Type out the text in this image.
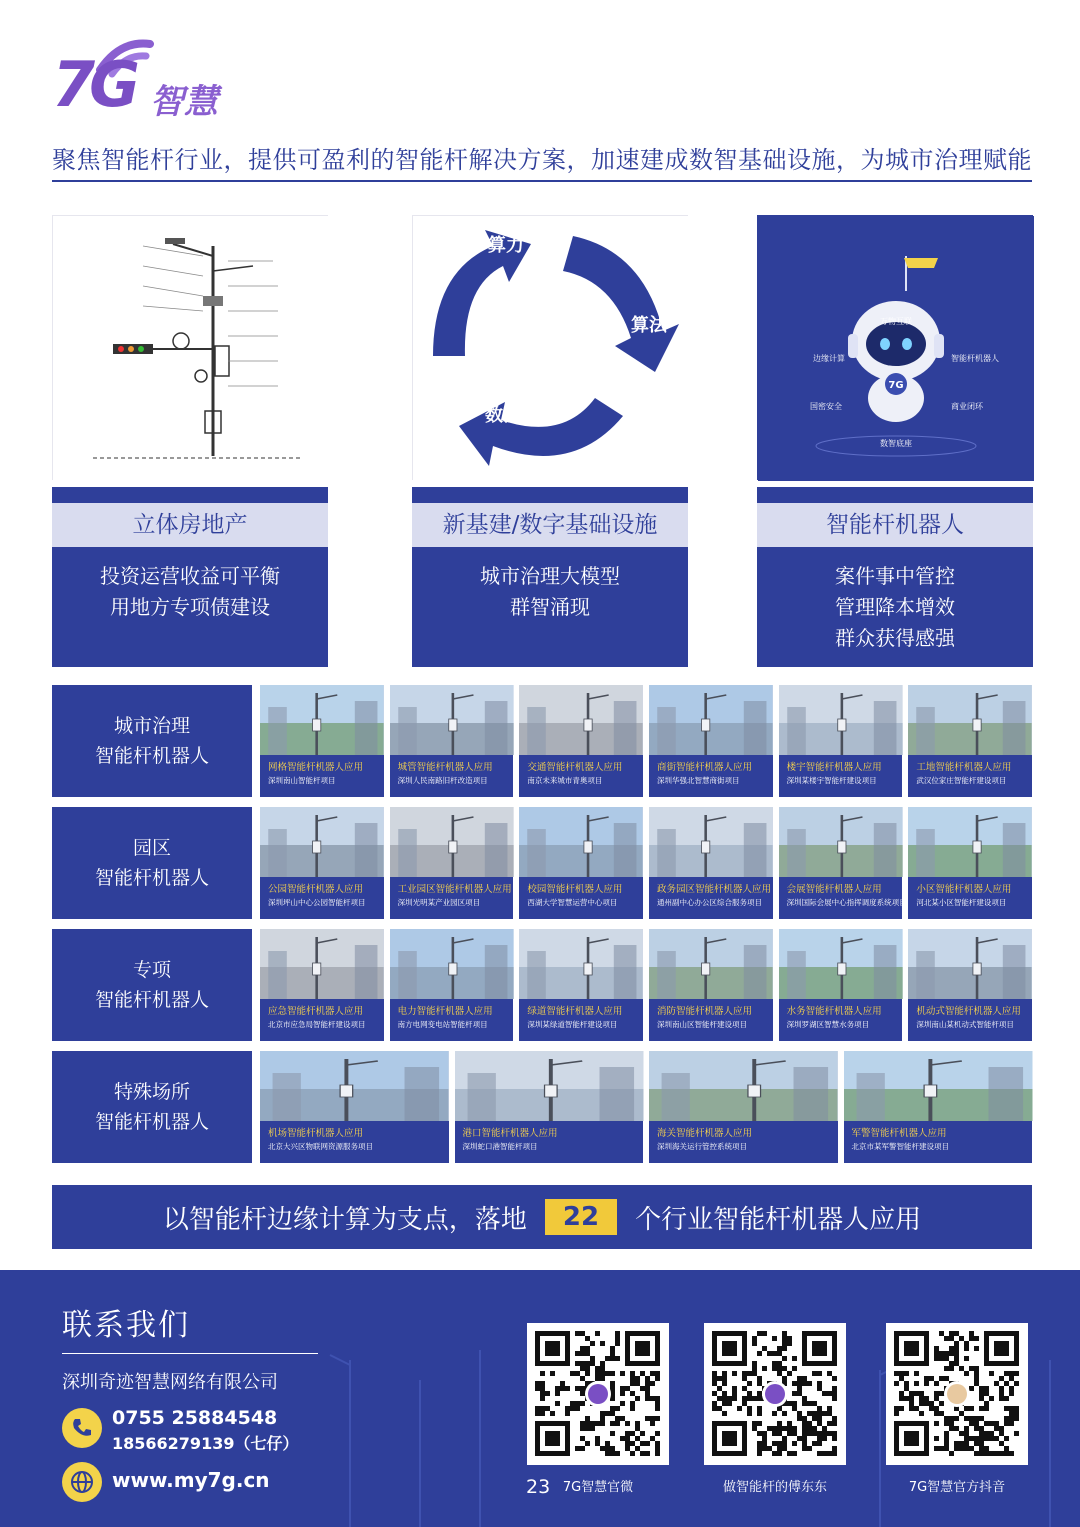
7G 智慧
聚焦智能杆行业，提供可盈利的智能杆解决方案，加速建成数智基础设施，为城市治理赋能
立体房地产
投资运营收益可平衡
用地方专项债建设
算力
算法
数据
新基建/数字基础设施
城市治理大模型
群智涌现
7G
万物互联
边缘计算	智能杆机器人
国密安全	商业闭环
数智底座
智能杆机器人
案件事中管控
管理降本增效
群众获得感强
城市治理
智能杆机器人
网格智能杆机器人应用
深圳南山智能杆项目
城管智能杆机器人应用
深圳人民南路旧杆改造项目
交通智能杆机器人应用
南京未来城市青奥项目
商街智能杆机器人应用
深圳华强北智慧商街项目
楼宇智能杆机器人应用
深圳某楼宇智能杆建设项目
工地智能杆机器人应用
武汉位家庄智能杆建设项目
园区
智能杆机器人
公园智能杆机器人应用
深圳坪山中心公园智能杆项目
工业园区智能杆机器人应用
深圳光明某产业园区项目
校园智能杆机器人应用
西湖大学智慧运营中心项目
政务园区智能杆机器人应用
通州副中心办公区综合服务项目
会展智能杆机器人应用
深圳国际会展中心指挥调度系统项目
小区智能杆机器人应用
河北某小区智能杆建设项目
专项
智能杆机器人
应急智能杆机器人应用
北京市应急局智能杆建设项目
电力智能杆机器人应用
南方电网变电站智能杆项目
绿道智能杆机器人应用
深圳某绿道智能杆建设项目
消防智能杆机器人应用
深圳南山区智能杆建设项目
水务智能杆机器人应用
深圳罗湖区智慧水务项目
机动式智能杆机器人应用
深圳南山某机动式智能杆项目
特殊场所
智能杆机器人
机场智能杆机器人应用
北京大兴区物联网资源服务项目
港口智能杆机器人应用
深圳蛇口港智能杆项目
海关智能杆机器人应用
深圳海关运行管控系统项目
军警智能杆机器人应用
北京市某军警智能杆建设项目
以智能杆边缘计算为支点，落地	22	个行业智能杆机器人应用
联系我们
深圳奇迹智慧网络有限公司
0755 25884548
18566279139（七仔）
www.my7g.cn	23 7G智慧官微	做智能杆的傅东东	7G智慧官方抖音
